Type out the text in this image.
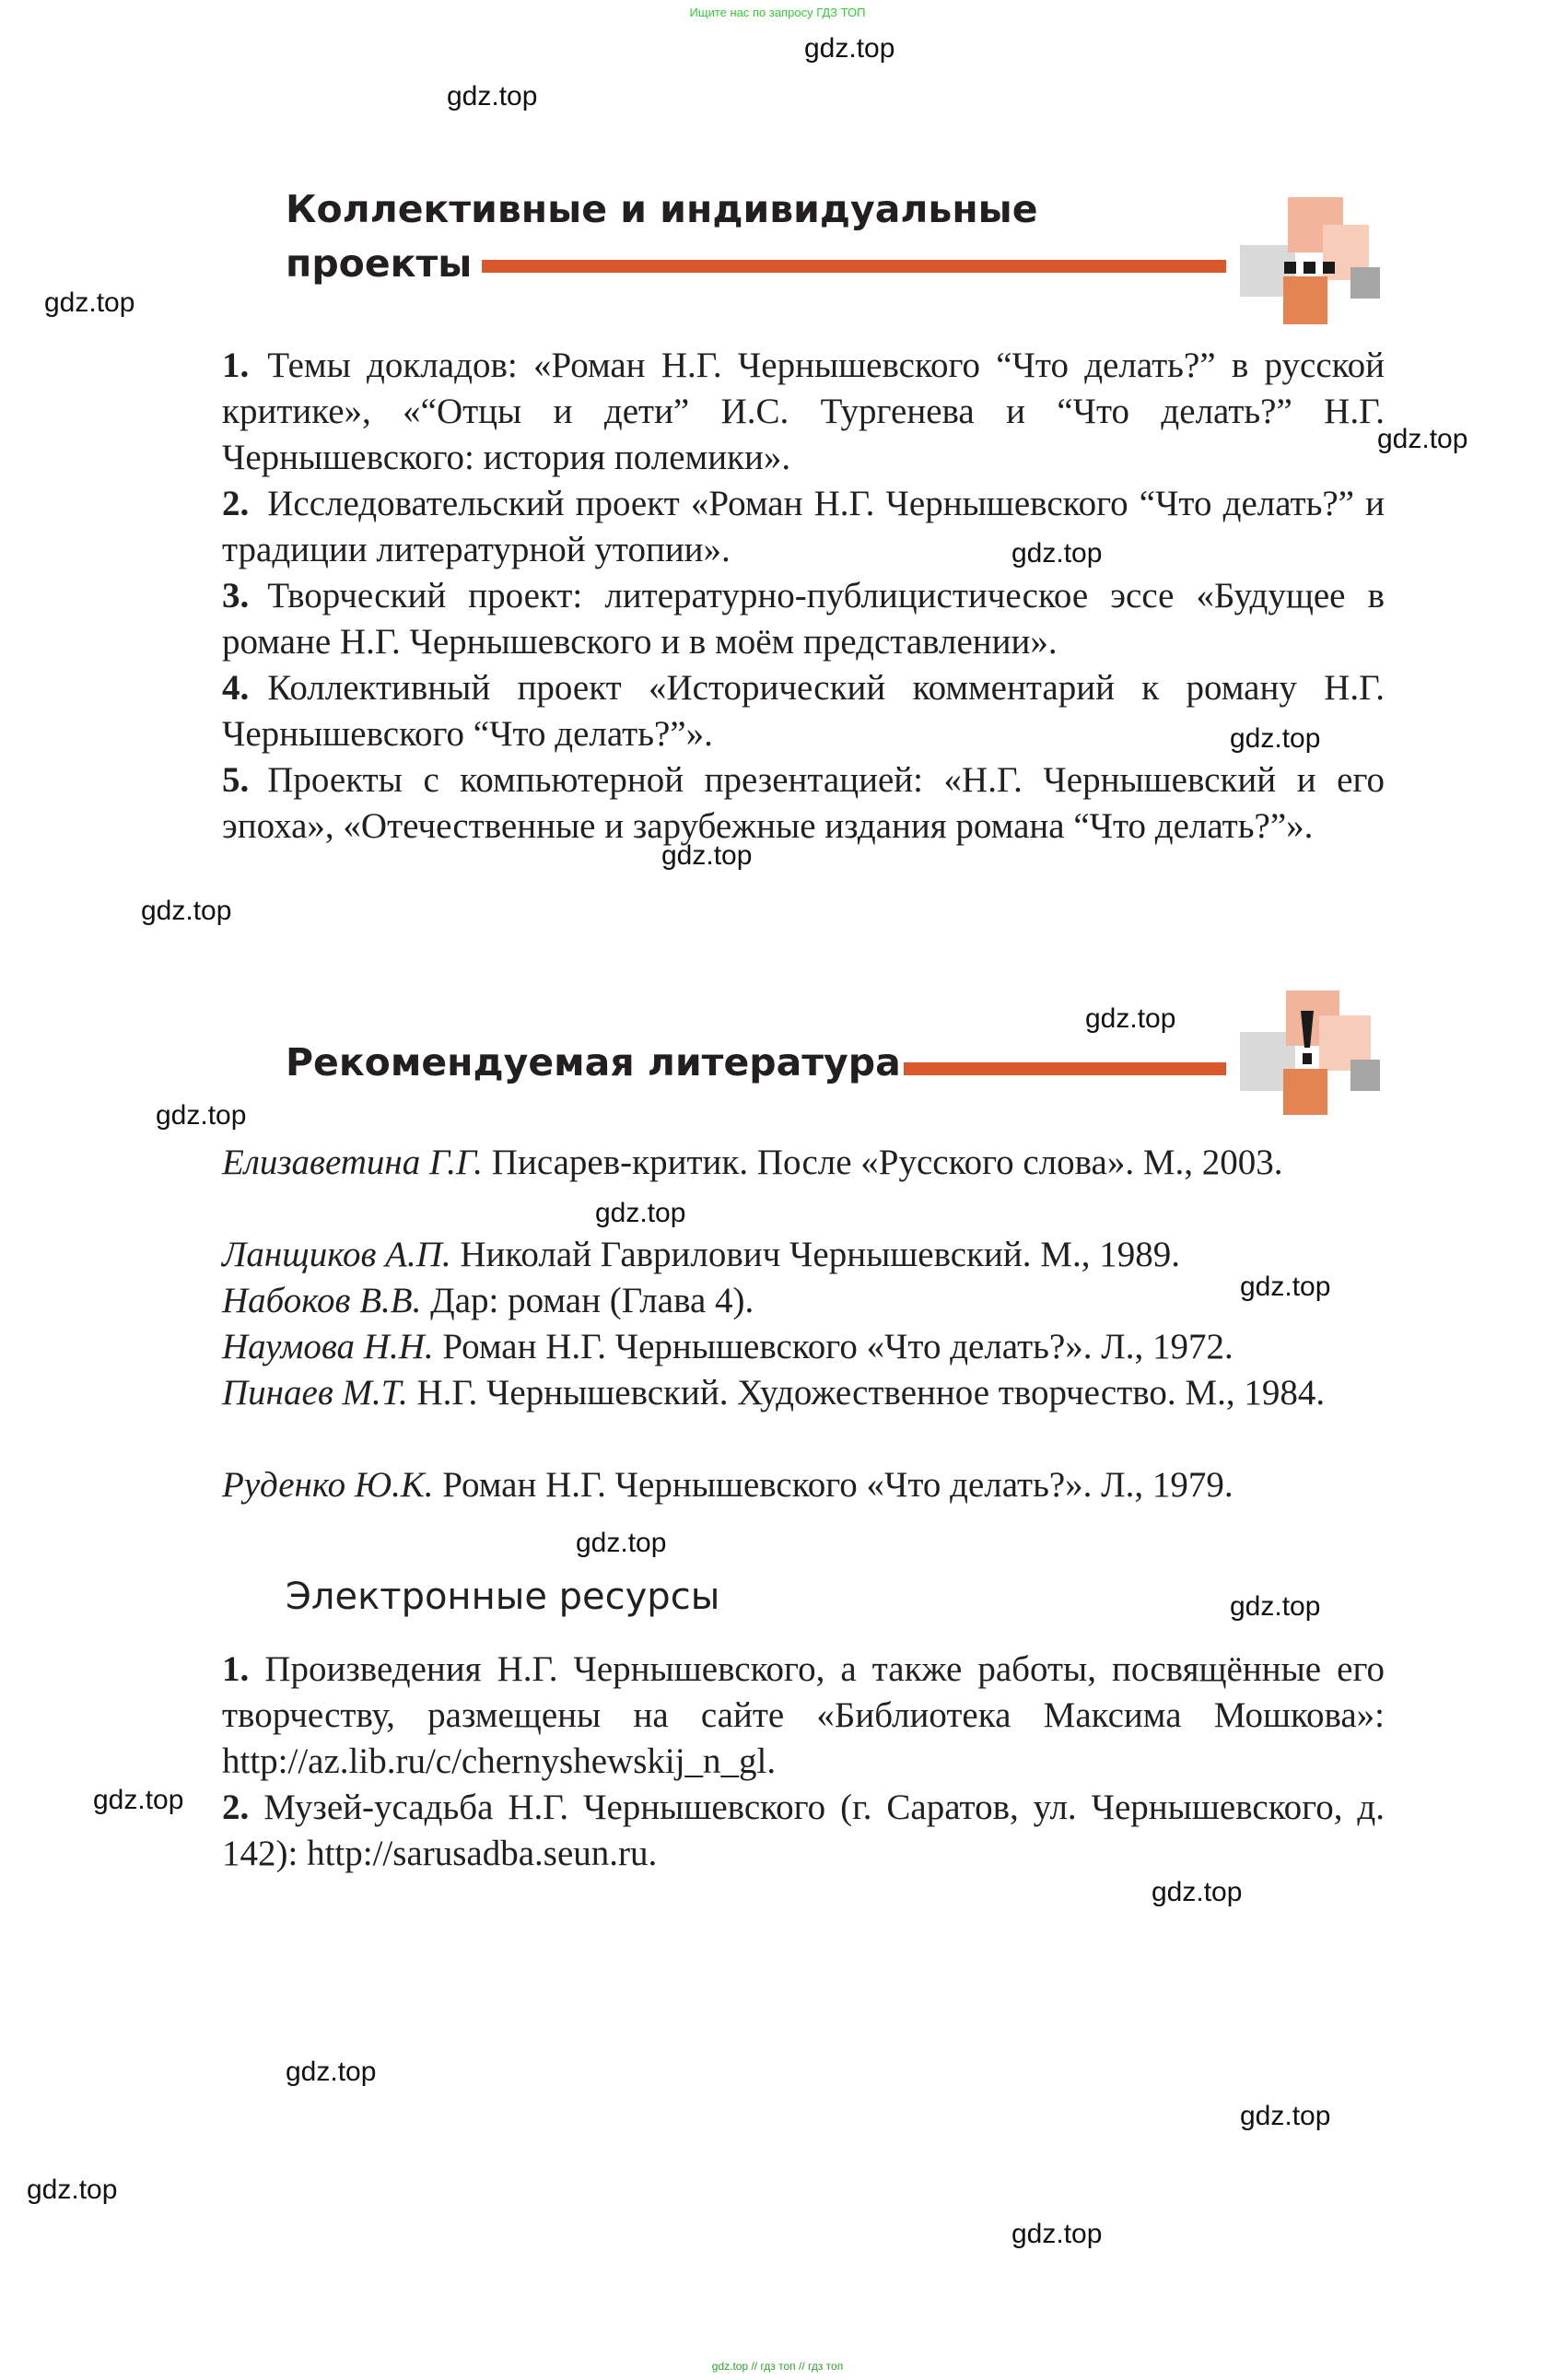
Ищите нас по запросу ГДЗ ТОП
gdz.top // гдз топ // гдз топ
Коллективные и индивидуальные
проекты

1. Темы докладов: «Роман Н.Г. Чернышевского “Что делать?” в русской критике», «“Отцы и дети” И.С. Тургенева и “Что делать?” Н.Г. Чернышевского: история полемики».

2. Исследовательский проект «Роман Н.Г. Чернышевского “Что делать?” и традиции литературной утопии».

3. Творческий проект: литературно-публицистическое эссе «Будущее в романе Н.Г. Чернышевского и в моём представлении».

4. Коллективный проект «Исторический комментарий к роману Н.Г. Чернышевского “Что делать?”».

5. Проекты с компьютерной презентацией: «Н.Г. Чернышевский и его эпоха», «Отечественные и зарубежные издания романа “Что делать?”».

Рекомендуемая литература

Елизаветина Г.Г. Писарев-критик. После «Русского слова». М., 2003.

Ланщиков А.П. Николай Гаврилович Чернышевский. М., 1989.

Набоков В.В. Дар: роман (Глава 4).

Наумова Н.Н. Роман Н.Г. Чернышевского «Что делать?». Л., 1972.

Пинаев М.Т. Н.Г. Чернышевский. Художественное творчество. М., 1984.

Руденко Ю.К. Роман Н.Г. Чернышевского «Что делать?». Л., 1979.

Электронные ресурсы

1. Произведения Н.Г. Чернышевского, а также работы, посвящённые его творчеству, размещены на сайте «Библиотека Максима Мошкова»: http://az.lib.ru/c/chernyshewskij_n_gl.

2. Музей-усадьба Н.Г. Чернышевского (г. Саратов, ул. Чернышевского, д. 142): http://sarusadba.seun.ru.

gdz.top
gdz.top
gdz.top
gdz.top
gdz.top
gdz.top
gdz.top
gdz.top
gdz.top
gdz.top
gdz.top
gdz.top
gdz.top
gdz.top
gdz.top
gdz.top
gdz.top
gdz.top
gdz.top
gdz.top
